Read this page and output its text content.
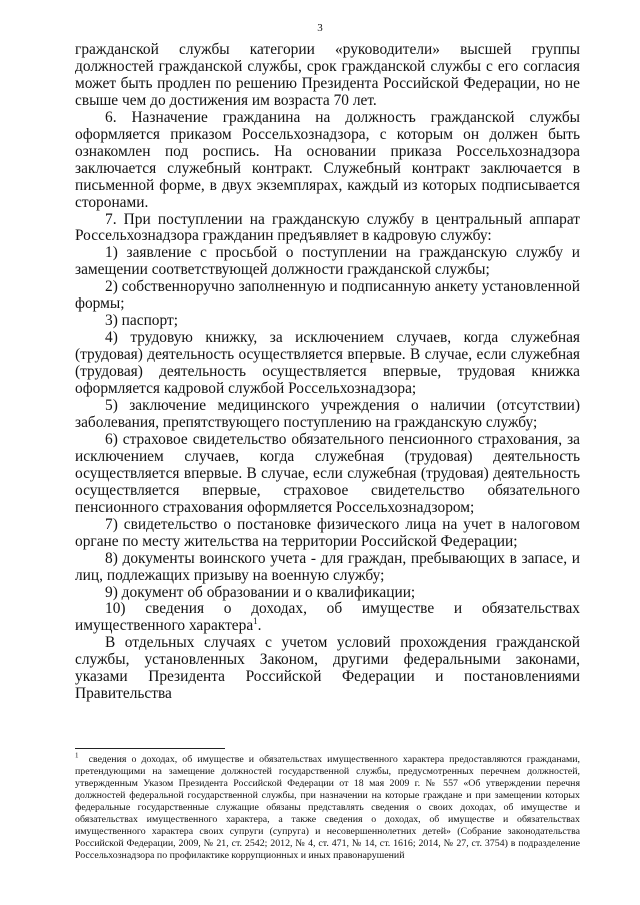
3

гражданской службы категории «руководители» высшей группы должностей гражданской службы, срок гражданской службы с его согласия может быть продлен по решению Президента Российской Федерации, но не свыше чем до достижения им возраста 70 лет.

6. Назначение гражданина на должность гражданской службы оформляется приказом Россельхознадзора, с которым он должен быть ознакомлен под роспись. На основании приказа Россельхознадзора заключается служебный контракт. Служебный контракт заключается в письменной форме, в двух экземплярах, каждый из которых подписывается сторонами.

7. При поступлении на гражданскую службу в центральный аппарат Россельхознадзора гражданин предъявляет в кадровую службу:

1) заявление с просьбой о поступлении на гражданскую службу и замещении соответствующей должности гражданской службы;

2) собственноручно заполненную и подписанную анкету установленной формы;

3) паспорт;

4) трудовую книжку, за исключением случаев, когда служебная (трудовая) деятельность осуществляется впервые. В случае, если служебная (трудовая) деятельность осуществляется впервые, трудовая книжка оформляется кадровой службой Россельхознадзора;

5) заключение медицинского учреждения о наличии (отсутствии) заболевания, препятствующего поступлению на гражданскую службу;

6) страховое свидетельство обязательного пенсионного страхования, за исключением случаев, когда служебная (трудовая) деятельность осуществляется впервые. В случае, если служебная (трудовая) деятельность осуществляется впервые, страховое свидетельство обязательного пенсионного страхования оформляется Россельхознадзором;

7) свидетельство о постановке физического лица на учет в налоговом органе по месту жительства на территории Российской Федерации;

8) документы воинского учета - для граждан, пребывающих в запасе, и лиц, подлежащих призыву на военную службу;

9) документ об образовании и о квалификации;

10) сведения о доходах, об имуществе и обязательствах имущественного характера$^1$.

В отдельных случаях с учетом условий прохождения гражданской службы, установленных Законом, другими федеральными законами, указами Президента Российской Федерации и постановлениями Правительства

$^1$ сведения о доходах, об имуществе и обязательствах имущественного характера предоставляются гражданами, претендующими на замещение должностей государственной службы, предусмотренных перечнем должностей, утвержденным Указом Президента Российской Федерации от 18 мая 2009 г. № 557 «Об утверждении перечня должностей федеральной государственной службы, при назначении на которые граждане и при замещении которых федеральные государственные служащие обязаны представлять сведения о своих доходах, об имуществе и обязательствах имущественного характера, а также сведения о доходах, об имуществе и обязательствах имущественного характера своих супруги (супруга) и несовершеннолетних детей» (Собрание законодательства Российской Федерации, 2009, № 21, ст. 2542; 2012, № 4, ст. 471, № 14, ст. 1616; 2014, № 27, ст. 3754) в подразделение Россельхознадзора по профилактике коррупционных и иных правонарушений
